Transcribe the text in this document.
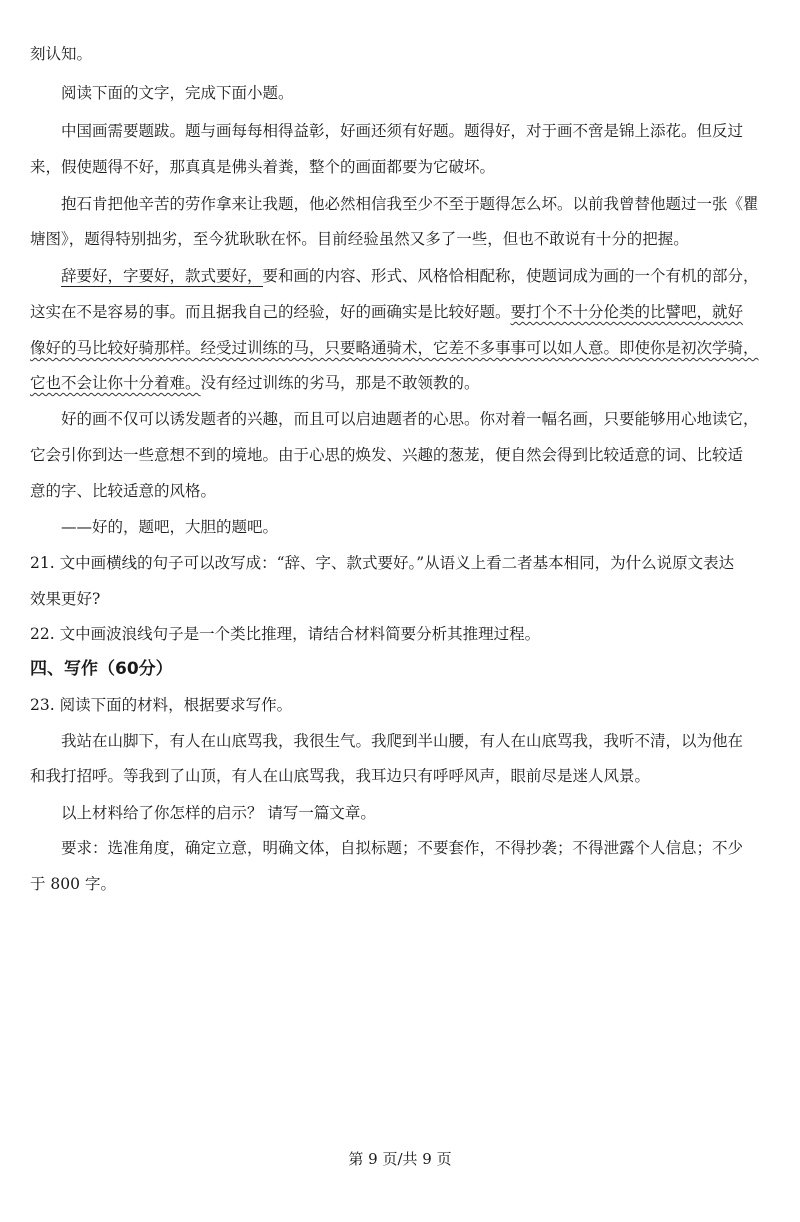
刻认知。
阅读下面的文字，完成下面小题。
中国画需要题跋。题与画每每相得益彰，好画还须有好题。题得好，对于画不啻是锦上添花。但反过
来，假使题得不好，那真真是佛头着粪，整个的画面都要为它破坏。
抱石肯把他辛苦的劳作拿来让我题，他必然相信我至少不至于题得怎么坏。以前我曾替他题过一张《瞿
塘图》，题得特别拙劣，至今犹耿耿在怀。目前经验虽然又多了一些，但也不敢说有十分的把握。
辞要好，字要好，款式要好，要和画的内容、形式、风格恰相配称，使题词成为画的一个有机的部分，
这实在不是容易的事。而且据我自己的经验，好的画确实是比较好题。要打个不十分伦类的比譬吧，就好
像好的马比较好骑那样。经受过训练的马，只要略通骑术，它差不多事事可以如人意。即使你是初次学骑，
它也不会让你十分着难。没有经过训练的劣马，那是不敢领教的。
好的画不仅可以诱发题者的兴趣，而且可以启迪题者的心思。你对着一幅名画，只要能够用心地读它，
它会引你到达一些意想不到的境地。由于心思的焕发、兴趣的葱茏，便自然会得到比较适意的词、比较适
意的字、比较适意的风格。
——好的，题吧，大胆的题吧。
21. 文中画横线的句子可以改写成：“辞、字、款式要好。”从语义上看二者基本相同，为什么说原文表达
效果更好?
22. 文中画波浪线句子是一个类比推理，请结合材料简要分析其推理过程。
四、写作（60分）
23. 阅读下面的材料，根据要求写作。
我站在山脚下，有人在山底骂我，我很生气。我爬到半山腰，有人在山底骂我，我听不清，以为他在
和我打招呼。等我到了山顶，有人在山底骂我，我耳边只有呼呼风声，眼前尽是迷人风景。
以上材料给了你怎样的启示？ 请写一篇文章。
要求：选准角度，确定立意，明确文体，自拟标题；不要套作，不得抄袭；不得泄露个人信息；不少
于 800 字。
第 9 页/共 9 页
